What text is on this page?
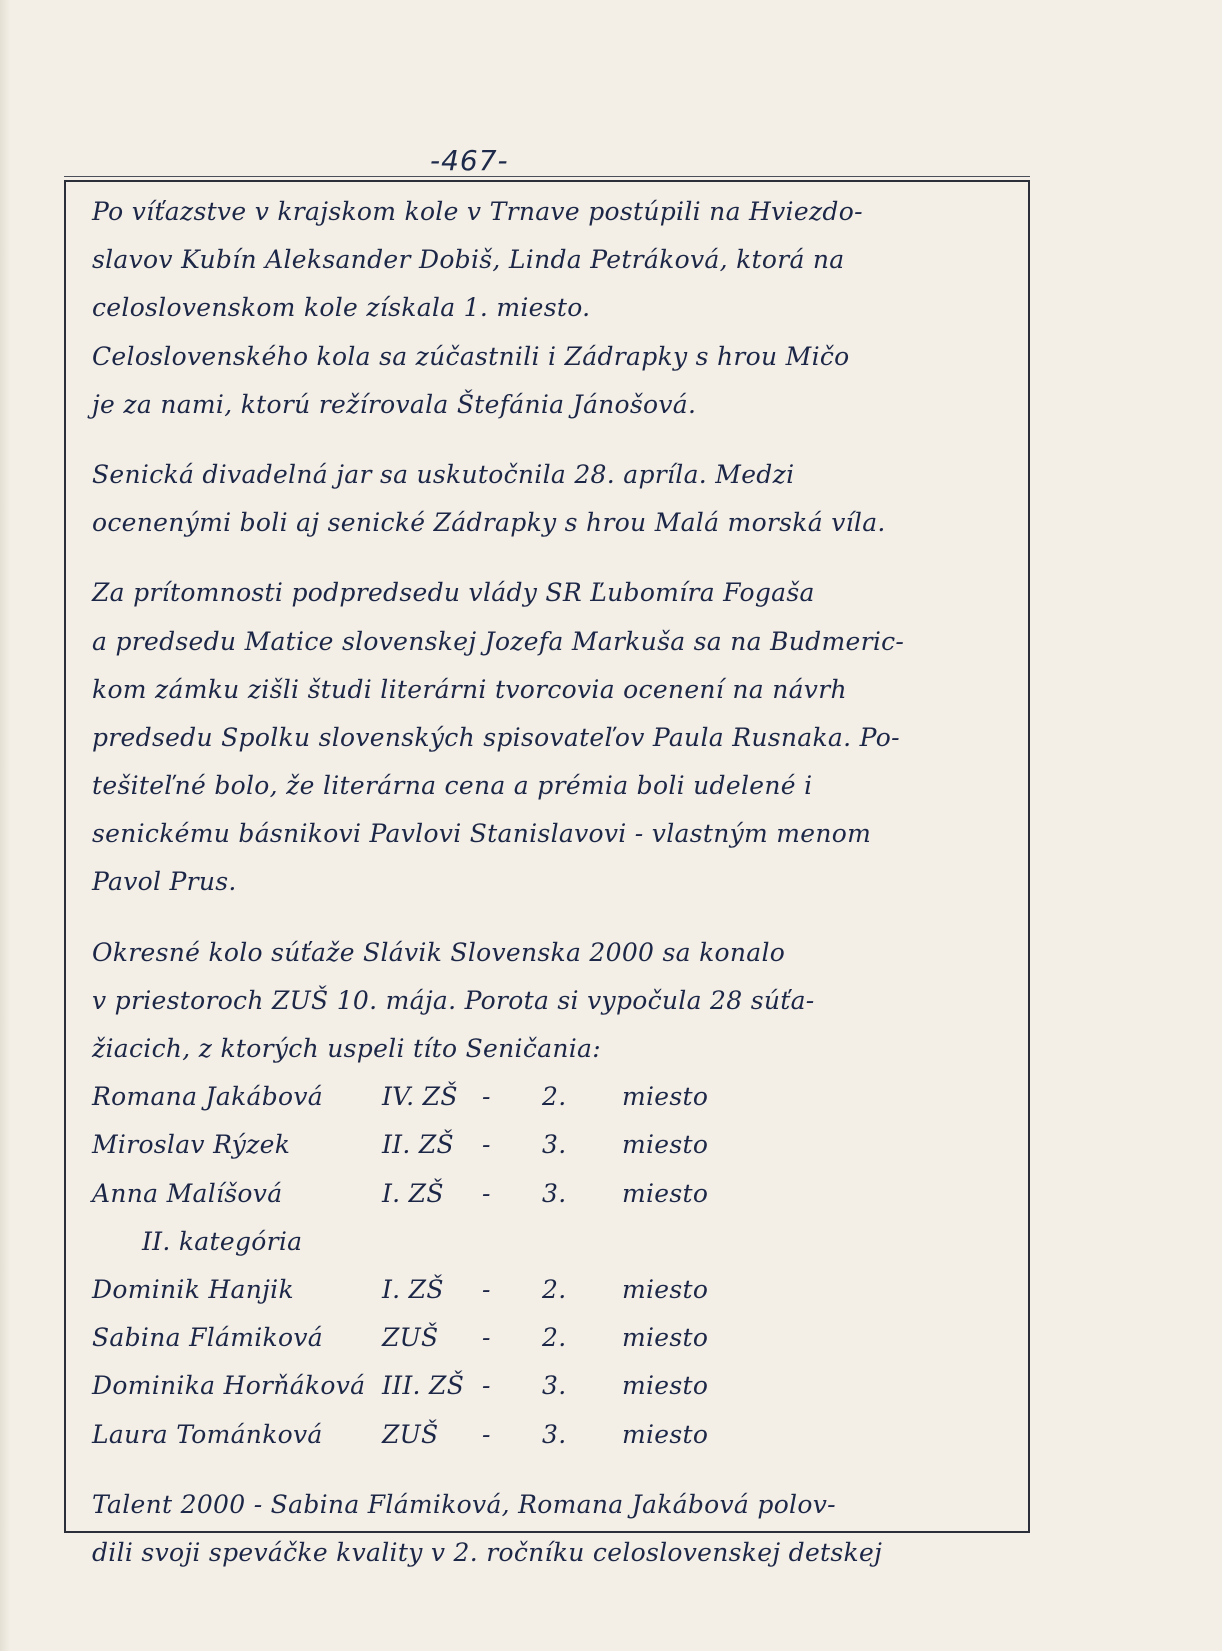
-467-
Po víťazstve v krajskom kole v Trnave postúpili na Hviezdo-
slavov Kubín Aleksander Dobiš, Linda Petráková, ktorá na
celoslovenskom kole získala 1. miesto.
Celoslovenského kola sa zúčastnili i Zádrapky s hrou Mičo
je za nami, ktorú režírovala Štefánia Jánošová.
Senická divadelná jar sa uskutočnila 28. apríla. Medzi
ocenenými boli aj senické Zádrapky s hrou Malá morská víla.
Za prítomnosti podpredsedu vlády SR Ľubomíra Fogaša
a predsedu Matice slovenskej Jozefa Markuša sa na Budmeric-
kom zámku zišli študi literárni tvorcovia ocenení na návrh
predsedu Spolku slovenských spisovateľov Paula Rusnaka. Po-
tešiteľné bolo, že literárna cena a prémia boli udelené i
senickému básnikovi Pavlovi Stanislavovi - vlastným menom
Pavol Prus.
Okresné kolo súťaže Slávik Slovenska 2000 sa konalo
v priestoroch ZUŠ 10. mája. Porota si vypočula 28 súťa-
žiacich, z ktorých uspeli títo Seničania:
Romana Jakábová	IV. ZŠ -	2.	miesto
Miroslav Rýzek	II. ZŠ	-	3.	miesto
Anna Malíšová	I. ZŠ	-	3.	miesto
II. kategória
Dominik Hanjik	I. ZŠ	-	2.	miesto
Sabina Flámiková	ZUŠ	-	2.	miesto
Dominika Horňáková III. ZŠ -	3.	miesto
Laura Tománková	ZUŠ	-	3.	miesto
Talent 2000 - Sabina Flámiková, Romana Jakábová polov-
dili svoji speváčke kvality v 2. ročníku celoslovenskej detskej
